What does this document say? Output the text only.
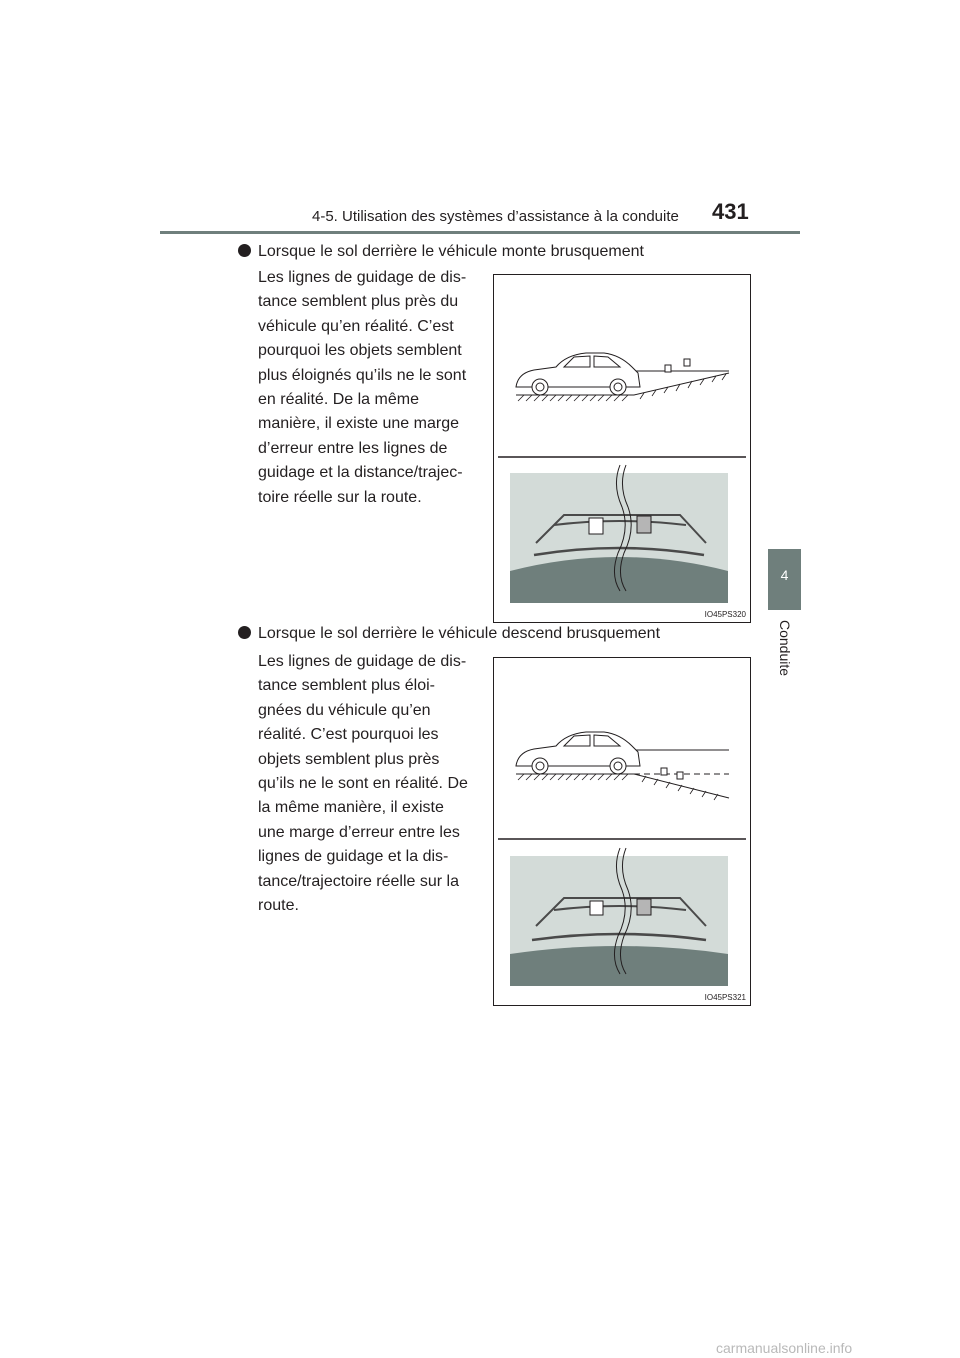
4-5. Utilisation des systèmes d’assistance à la conduite 431
4
Conduite
Lorsque le sol derrière le véhicule monte brusquement
Les lignes de guidage de dis-
tance semblent plus près du
véhicule qu’en réalité. C’est
pourquoi les objets semblent
plus éloignés qu’ils ne le sont
en réalité. De la même
manière, il existe une marge
d’erreur entre les lignes de
guidage et la distance/trajec-
toire réelle sur la route.
IO45PS320
Lorsque le sol derrière le véhicule descend brusquement
Les lignes de guidage de dis-
tance semblent plus éloi-
gnées du véhicule qu’en
réalité. C’est pourquoi les
objets semblent plus près
qu’ils ne le sont en réalité. De
la même manière, il existe
une marge d’erreur entre les
lignes de guidage et la dis-
tance/trajectoire réelle sur la
route.
IO45PS321
carmanualsonline.info
